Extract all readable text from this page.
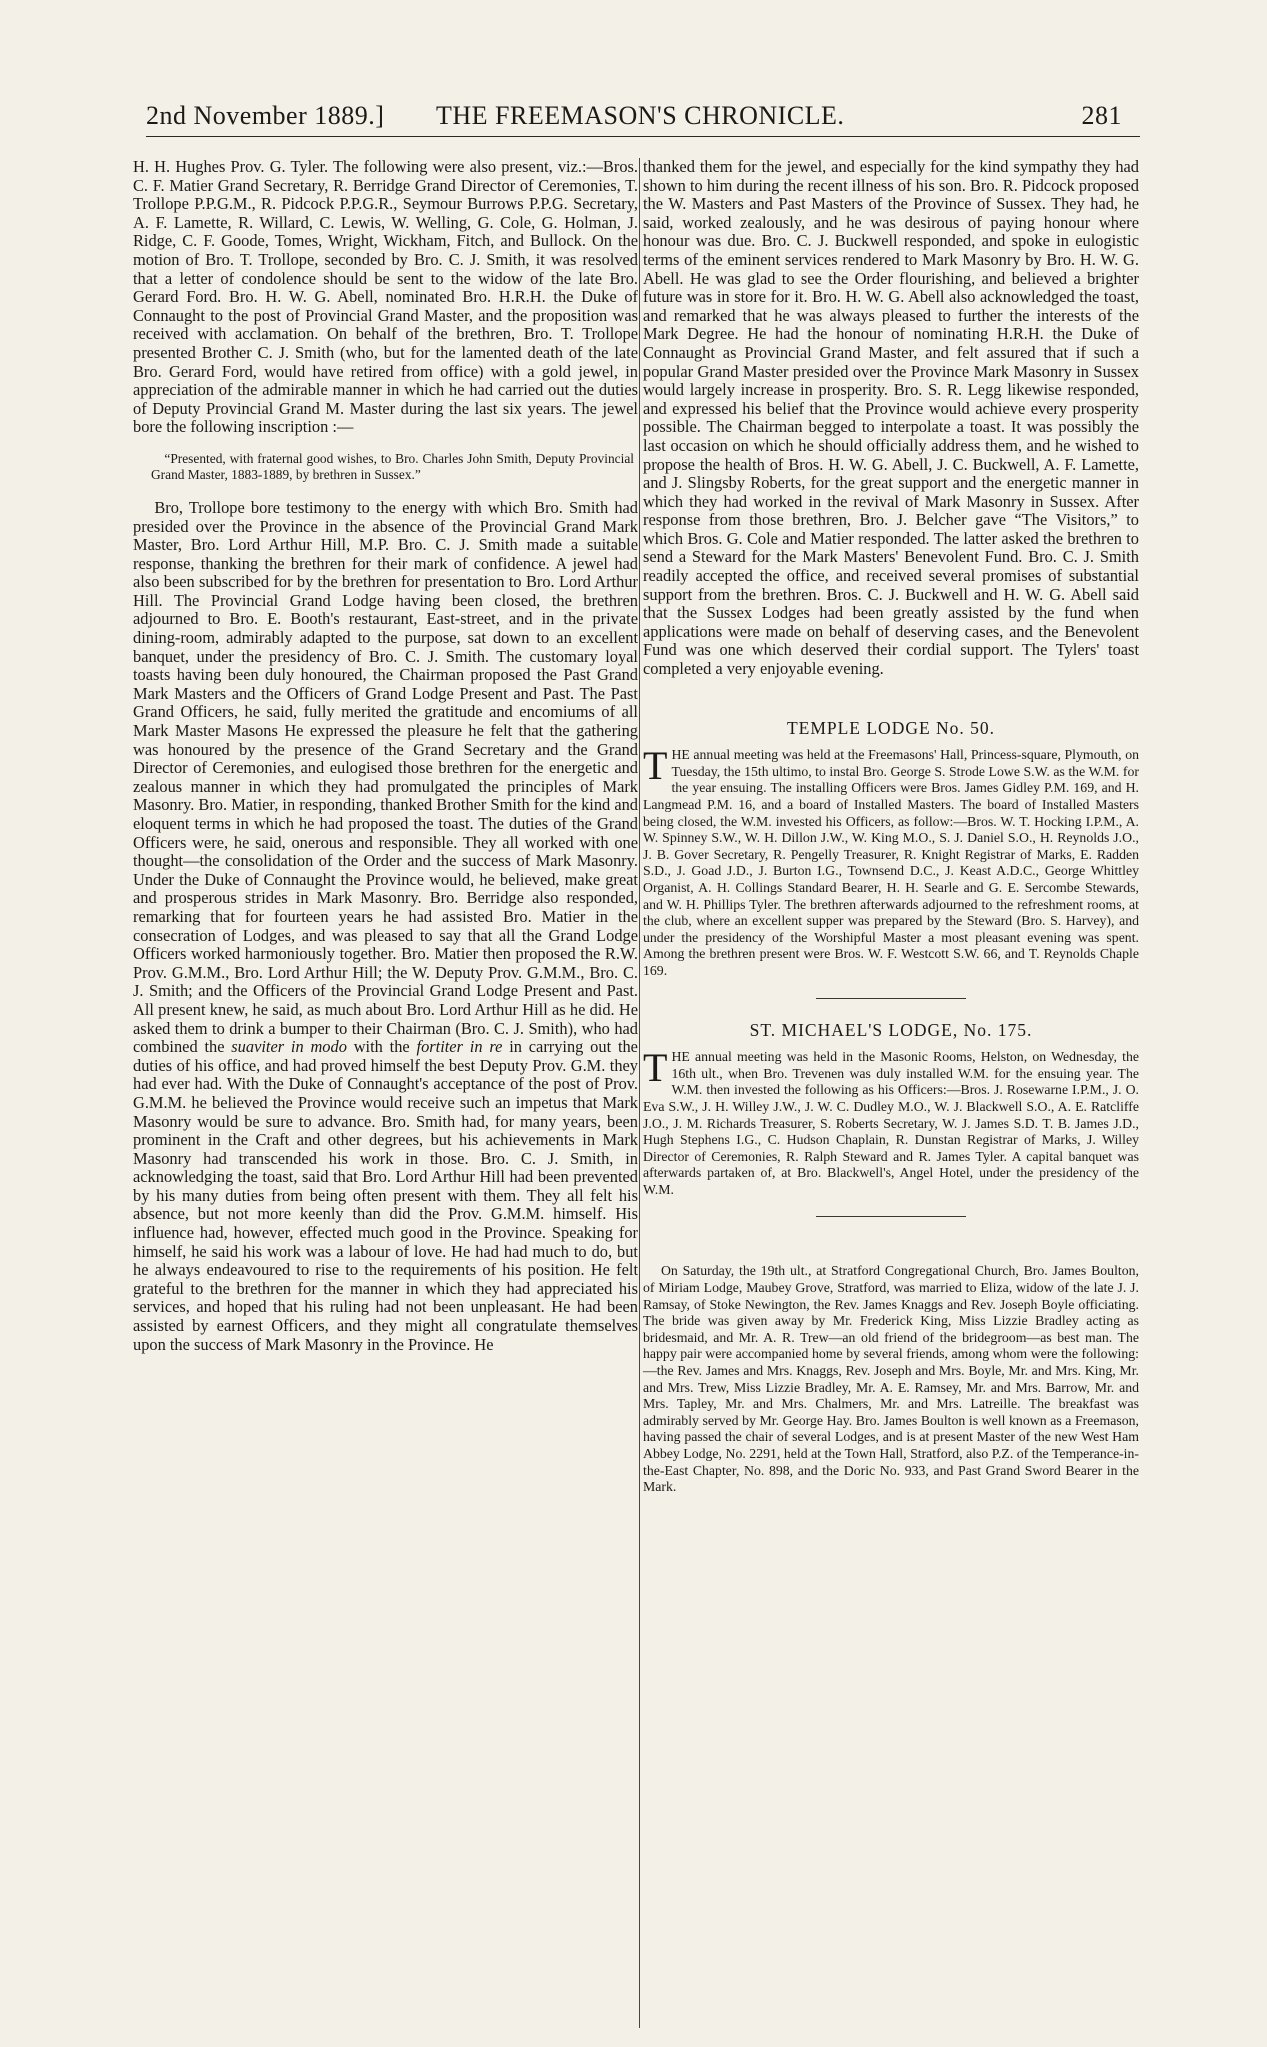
2nd November 1889.] THE FREEMASON'S CHRONICLE.	281

H. H. Hughes Prov. G. Tyler. The following were also present, viz.:—Bros. C. F. Matier Grand Secretary, R. Berridge Grand Director of Ceremonies, T. Trollope P.P.G.M., R. Pidcock P.P.G.R., Seymour Burrows P.P.G. Secretary, A. F. Lamette, R. Willard, C. Lewis, W. Welling, G. Cole, G. Holman, J. Ridge, C. F. Goode, Tomes, Wright, Wickham, Fitch, and Bullock. On the motion of Bro. T. Trollope, seconded by Bro. C. J. Smith, it was resolved that a letter of condolence should be sent to the widow of the late Bro. Gerard Ford. Bro. H. W. G. Abell, nominated Bro. H.R.H. the Duke of Connaught to the post of Provincial Grand Master, and the proposition was received with acclamation. On behalf of the brethren, Bro. T. Trollope presented Brother C. J. Smith (who, but for the lamented death of the late Bro. Gerard Ford, would have retired from office) with a gold jewel, in appreciation of the admirable manner in which he had carried out the duties of Deputy Provincial Grand M. Master during the last six years. The jewel bore the following inscription :—

“Presented, with fraternal good wishes, to Bro. Charles John Smith, Deputy Provincial Grand Master, 1883-1889, by brethren in Sussex.”

Bro, Trollope bore testimony to the energy with which Bro. Smith had presided over the Province in the absence of the Provincial Grand Mark Master, Bro. Lord Arthur Hill, M.P. Bro. C. J. Smith made a suitable response, thanking the brethren for their mark of confidence. A jewel had also been subscribed for by the brethren for presentation to Bro. Lord Arthur Hill. The Provincial Grand Lodge having been closed, the brethren adjourned to Bro. E. Booth's restaurant, East-street, and in the private dining-room, admirably adapted to the purpose, sat down to an excellent banquet, under the presidency of Bro. C. J. Smith. The customary loyal toasts having been duly honoured, the Chairman proposed the Past Grand Mark Masters and the Officers of Grand Lodge Present and Past. The Past Grand Officers, he said, fully merited the gratitude and encomiums of all Mark Master Masons He expressed the pleasure he felt that the gathering was honoured by the presence of the Grand Secretary and the Grand Director of Ceremonies, and eulogised those brethren for the energetic and zealous manner in which they had promulgated the principles of Mark Masonry. Bro. Matier, in responding, thanked Brother Smith for the kind and eloquent terms in which he had proposed the toast. The duties of the Grand Officers were, he said, onerous and responsible. They all worked with one thought—the consolidation of the Order and the success of Mark Masonry. Under the Duke of Connaught the Province would, he believed, make great and prosperous strides in Mark Masonry. Bro. Berridge also responded, remarking that for fourteen years he had assisted Bro. Matier in the consecration of Lodges, and was pleased to say that all the Grand Lodge Officers worked harmoniously together. Bro. Matier then proposed the R.W. Prov. G.M.M., Bro. Lord Arthur Hill; the W. Deputy Prov. G.M.M., Bro. C. J. Smith; and the Officers of the Provincial Grand Lodge Present and Past. All present knew, he said, as much about Bro. Lord Arthur Hill as he did. He asked them to drink a bumper to their Chairman (Bro. C. J. Smith), who had combined the suaviter in modo with the fortiter in re in carrying out the duties of his office, and had proved himself the best Deputy Prov. G.M. they had ever had. With the Duke of Connaught's acceptance of the post of Prov. G.M.M. he believed the Province would receive such an impetus that Mark Masonry would be sure to advance. Bro. Smith had, for many years, been prominent in the Craft and other degrees, but his achievements in Mark Masonry had transcended his work in those. Bro. C. J. Smith, in acknowledging the toast, said that Bro. Lord Arthur Hill had been prevented by his many duties from being often present with them. They all felt his absence, but not more keenly than did the Prov. G.M.M. himself. His influence had, however, effected much good in the Province. Speaking for himself, he said his work was a labour of love. He had had much to do, but he always endeavoured to rise to the requirements of his position. He felt grateful to the brethren for the manner in which they had appreciated his services, and hoped that his ruling had not been unpleasant. He had been assisted by earnest Officers, and they might all congratulate themselves upon the success of Mark Masonry in the Province. He

thanked them for the jewel, and especially for the kind sympathy they had shown to him during the recent illness of his son. Bro. R. Pidcock proposed the W. Masters and Past Masters of the Province of Sussex. They had, he said, worked zealously, and he was desirous of paying honour where honour was due. Bro. C. J. Buckwell responded, and spoke in eulogistic terms of the eminent services rendered to Mark Masonry by Bro. H. W. G. Abell. He was glad to see the Order flourishing, and believed a brighter future was in store for it. Bro. H. W. G. Abell also acknowledged the toast, and remarked that he was always pleased to further the interests of the Mark Degree. He had the honour of nominating H.R.H. the Duke of Connaught as Provincial Grand Master, and felt assured that if such a popular Grand Master presided over the Province Mark Masonry in Sussex would largely increase in prosperity. Bro. S. R. Legg likewise responded, and expressed his belief that the Province would achieve every prosperity possible. The Chairman begged to interpolate a toast. It was possibly the last occasion on which he should officially address them, and he wished to propose the health of Bros. H. W. G. Abell, J. C. Buckwell, A. F. Lamette, and J. Slingsby Roberts, for the great support and the energetic manner in which they had worked in the revival of Mark Masonry in Sussex. After response from those brethren, Bro. J. Belcher gave “The Visitors,” to which Bros. G. Cole and Matier responded. The latter asked the brethren to send a Steward for the Mark Masters' Benevolent Fund. Bro. C. J. Smith readily accepted the office, and received several promises of substantial support from the brethren. Bros. C. J. Buckwell and H. W. G. Abell said that the Sussex Lodges had been greatly assisted by the fund when applications were made on behalf of deserving cases, and the Benevolent Fund was one which deserved their cordial support. The Tylers' toast completed a very enjoyable evening.

TEMPLE LODGE No. 50.

THE annual meeting was held at the Freemasons' Hall, Princess-square, Plymouth, on Tuesday, the 15th ultimo, to instal Bro. George S. Strode Lowe S.W. as the W.M. for the year ensuing. The installing Officers were Bros. James Gidley P.M. 169, and H. Langmead P.M. 16, and a board of Installed Masters. The board of Installed Masters being closed, the W.M. invested his Officers, as follow:—Bros. W. T. Hocking I.P.M., A. W. Spinney S.W., W. H. Dillon J.W., W. King M.O., S. J. Daniel S.O., H. Reynolds J.O., J. B. Gover Secretary, R. Pengelly Treasurer, R. Knight Registrar of Marks, E. Radden S.D., J. Goad J.D., J. Burton I.G., Townsend D.C., J. Keast A.D.C., George Whittley Organist, A. H. Collings Standard Bearer, H. H. Searle and G. E. Sercombe Stewards, and W. H. Phillips Tyler. The brethren afterwards adjourned to the refreshment rooms, at the club, where an excellent supper was prepared by the Steward (Bro. S. Harvey), and under the presidency of the Worshipful Master a most pleasant evening was spent. Among the brethren present were Bros. W. F. Westcott S.W. 66, and T. Reynolds Chaple 169.

ST. MICHAEL'S LODGE, No. 175.

THE annual meeting was held in the Masonic Rooms, Helston, on Wednesday, the 16th ult., when Bro. Trevenen was duly installed W.M. for the ensuing year. The W.M. then invested the following as his Officers:—Bros. J. Rosewarne I.P.M., J. O. Eva S.W., J. H. Willey J.W., J. W. C. Dudley M.O., W. J. Blackwell S.O., A. E. Ratcliffe J.O., J. M. Richards Treasurer, S. Roberts Secretary, W. J. James S.D. T. B. James J.D., Hugh Stephens I.G., C. Hudson Chaplain, R. Dunstan Registrar of Marks, J. Willey Director of Ceremonies, R. Ralph Steward and R. James Tyler. A capital banquet was afterwards partaken of, at Bro. Blackwell's, Angel Hotel, under the presidency of the W.M.

On Saturday, the 19th ult., at Stratford Congregational Church, Bro. James Boulton, of Miriam Lodge, Maubey Grove, Stratford, was married to Eliza, widow of the late J. J. Ramsay, of Stoke Newington, the Rev. James Knaggs and Rev. Joseph Boyle officiating. The bride was given away by Mr. Frederick King, Miss Lizzie Bradley acting as bridesmaid, and Mr. A. R. Trew—an old friend of the bridegroom—as best man. The happy pair were accompanied home by several friends, among whom were the following:—the Rev. James and Mrs. Knaggs, Rev. Joseph and Mrs. Boyle, Mr. and Mrs. King, Mr. and Mrs. Trew, Miss Lizzie Bradley, Mr. A. E. Ramsey, Mr. and Mrs. Barrow, Mr. and Mrs. Tapley, Mr. and Mrs. Chalmers, Mr. and Mrs. Latreille. The breakfast was admirably served by Mr. George Hay. Bro. James Boulton is well known as a Freemason, having passed the chair of several Lodges, and is at present Master of the new West Ham Abbey Lodge, No. 2291, held at the Town Hall, Stratford, also P.Z. of the Temperance-in-the-East Chapter, No. 898, and the Doric No. 933, and Past Grand Sword Bearer in the Mark.
